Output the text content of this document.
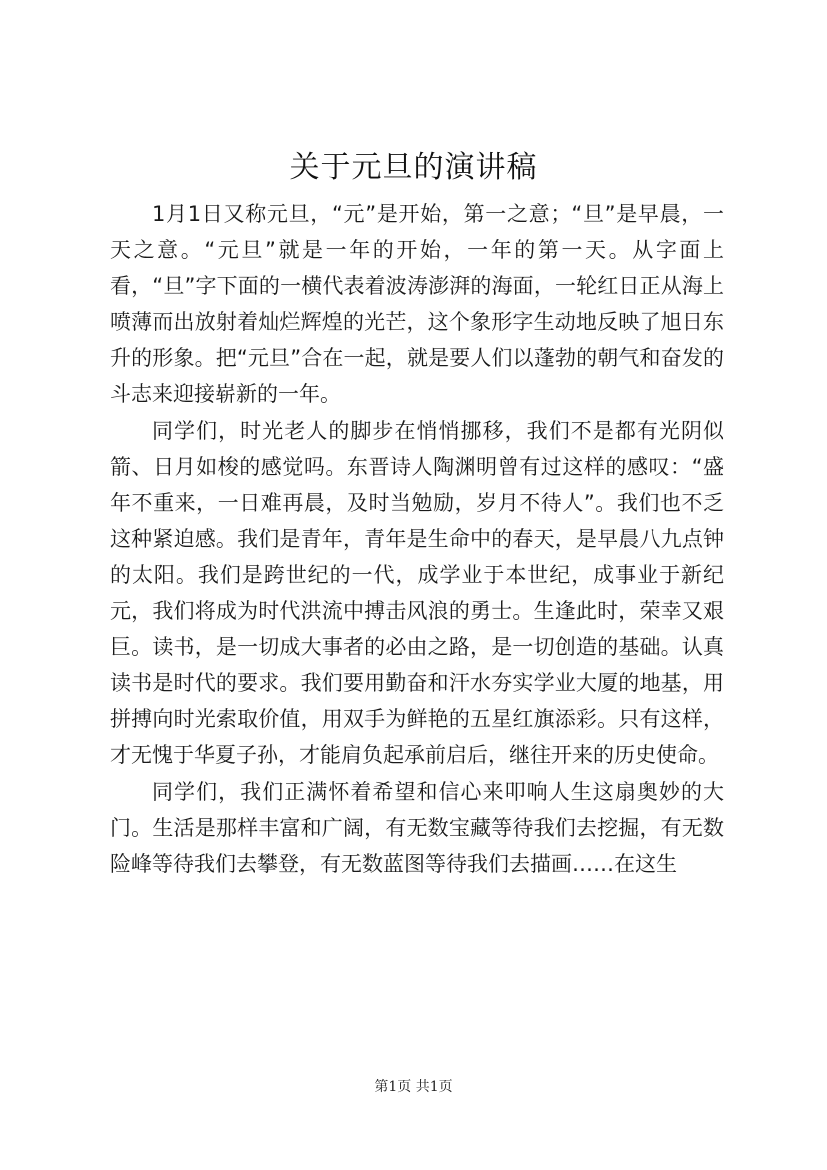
关于元旦的演讲稿

1月1日又称元旦，“元”是开始，第一之意；“旦”是早晨，一天之意。“元旦”就是一年的开始，一年的第一天。从字面上看，“旦”字下面的一横代表着波涛澎湃的海面，一轮红日正从海上喷薄而出放射着灿烂辉煌的光芒，这个象形字生动地反映了旭日东升的形象。把“元旦”合在一起，就是要人们以蓬勃的朝气和奋发的斗志来迎接崭新的一年。

同学们，时光老人的脚步在悄悄挪移，我们不是都有光阴似箭、日月如梭的感觉吗。东晋诗人陶渊明曾有过这样的感叹：“盛年不重来，一日难再晨，及时当勉励，岁月不待人”。我们也不乏这种紧迫感。我们是青年，青年是生命中的春天，是早晨八九点钟的太阳。我们是跨世纪的一代，成学业于本世纪，成事业于新纪元，我们将成为时代洪流中搏击风浪的勇士。生逢此时，荣幸又艰巨。读书，是一切成大事者的必由之路，是一切创造的基础。认真读书是时代的要求。我们要用勤奋和汗水夯实学业大厦的地基，用拼搏向时光索取价值，用双手为鲜艳的五星红旗添彩。只有这样，才无愧于华夏子孙，才能肩负起承前启后，继往开来的历史使命。

同学们，我们正满怀着希望和信心来叩响人生这扇奥妙的大门。生活是那样丰富和广阔，有无数宝藏等待我们去挖掘，有无数险峰等待我们去攀登，有无数蓝图等待我们去描画……在这生

第1页 共1页
